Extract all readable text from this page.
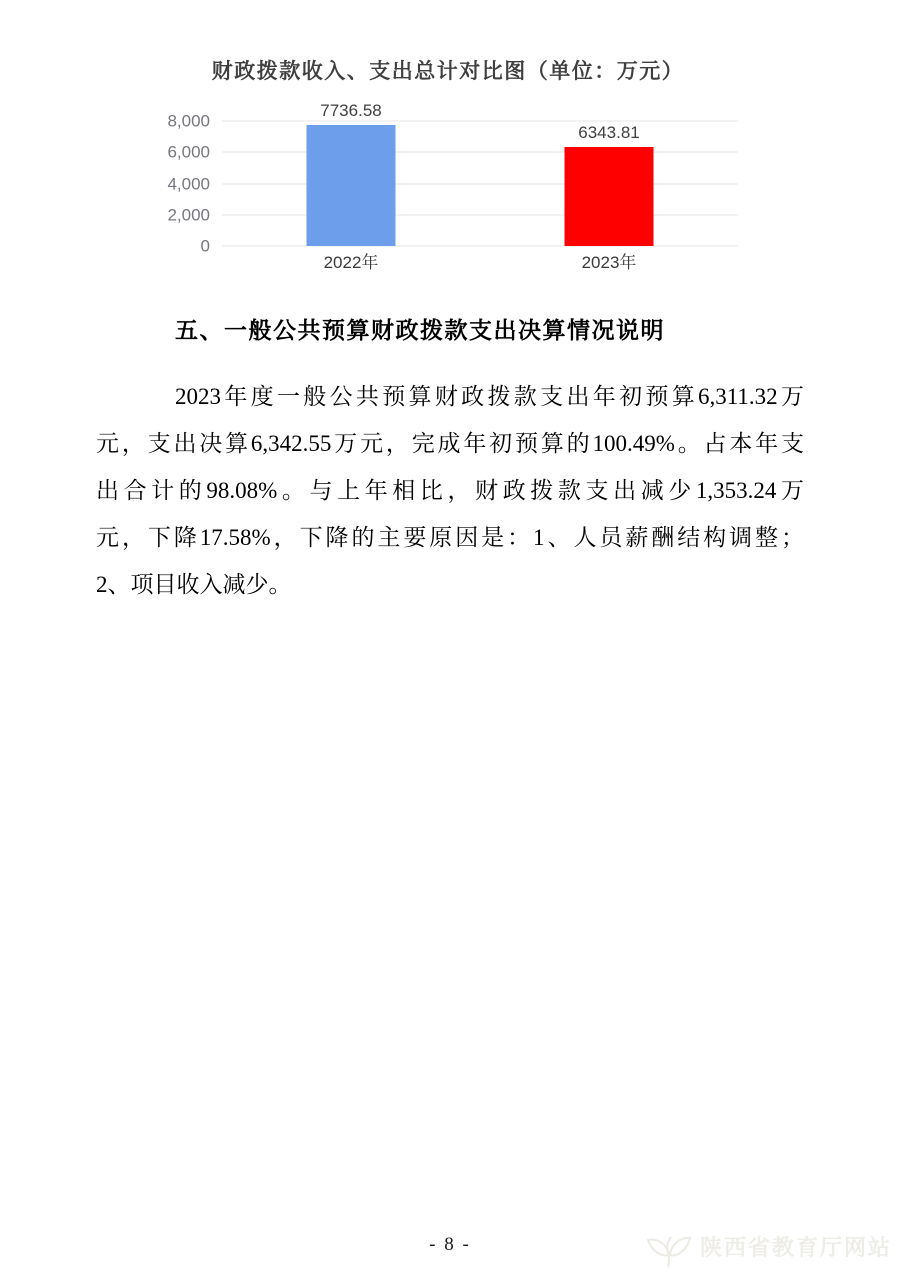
财政拨款收入、支出总计对比图（单位：万元）
0
2,000
4,000
6,000
8,000
7736.58
6343.81
2022年	2023年
五、一般公共预算财政拨款支出决算情况说明
2023年度一般公共预算财政拨款支出年初预算6,311.32万
元，支出决算6,342.55万元，完成年初预算的100.49%。占本年支
出合计的98.08%。与上年相比，财政拨款支出减少1,353.24万
元，下降17.58%，下降的主要原因是：1、人员薪酬结构调整；
2、项目收入减少。
- 8 -	陕西省教育厅网站
